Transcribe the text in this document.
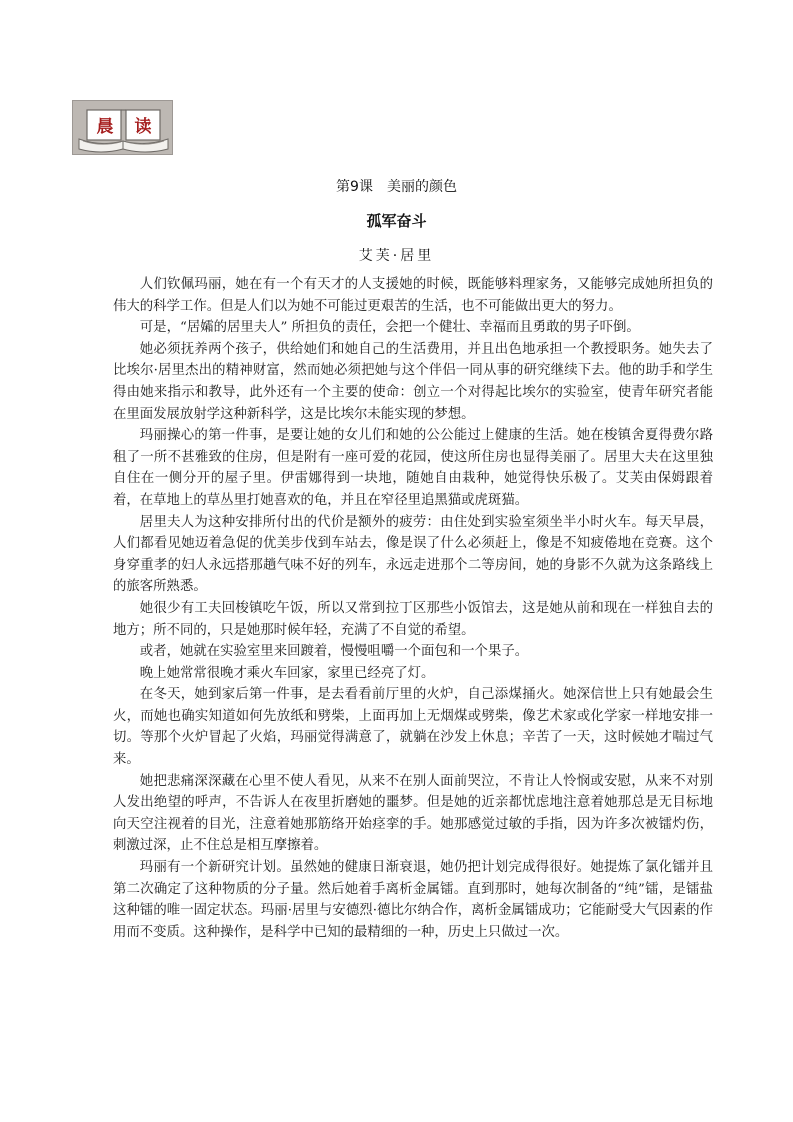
晨	读
第9课　美丽的颜色
孤军奋斗
艾芙·居里

人们钦佩玛丽，她在有一个有天才的人支援她的时候，既能够料理家务，又能够完成她所担负的伟大的科学工作。但是人们以为她不可能过更艰苦的生活，也不可能做出更大的努力。

可是，“居孀的居里夫人” 所担负的责任，会把一个健壮、幸福而且勇敢的男子吓倒。

她必须抚养两个孩子，供给她们和她自己的生活费用，并且出色地承担一个教授职务。她失去了比埃尔·居里杰出的精神财富，然而她必须把她与这个伴侣一同从事的研究继续下去。他的助手和学生得由她来指示和教导，此外还有一个主要的使命：创立一个对得起比埃尔的实验室，使青年研究者能在里面发展放射学这种新科学，这是比埃尔未能实现的梦想。

玛丽操心的第一件事，是要让她的女儿们和她的公公能过上健康的生活。她在梭镇舍夏得费尔路租了一所不甚雅致的住房，但是附有一座可爱的花园，使这所住房也显得美丽了。居里大夫在这里独自住在一侧分开的屋子里。伊雷娜得到一块地，随她自由栽种，她觉得快乐极了。艾芙由保姆跟着着，在草地上的草丛里打她喜欢的龟，并且在窄径里追黑猫或虎斑猫。

居里夫人为这种安排所付出的代价是额外的疲劳：由住处到实验室须坐半小时火车。每天早晨，人们都看见她迈着急促的优美步伐到车站去，像是误了什么必须赶上，像是不知疲倦地在竞赛。这个身穿重孝的妇人永远搭那趟气味不好的列车，永远走进那个二等房间，她的身影不久就为这条路线上的旅客所熟悉。

她很少有工夫回梭镇吃午饭，所以又常到拉丁区那些小饭馆去，这是她从前和现在一样独自去的地方；所不同的，只是她那时候年轻，充满了不自觉的希望。

或者，她就在实验室里来回踱着，慢慢咀嚼一个面包和一个果子。

晚上她常常很晚才乘火车回家，家里已经亮了灯。

在冬天，她到家后第一件事，是去看看前厅里的火炉，自己添煤捅火。她深信世上只有她最会生火，而她也确实知道如何先放纸和劈柴，上面再加上无烟煤或劈柴，像艺术家或化学家一样地安排一切。等那个火炉冒起了火焰，玛丽觉得满意了，就躺在沙发上休息；辛苦了一天，这时候她才喘过气来。

她把悲痛深深藏在心里不使人看见，从来不在别人面前哭泣，不肯让人怜悯或安慰，从来不对别人发出绝望的呼声，不告诉人在夜里折磨她的噩梦。但是她的近亲都忧虑地注意着她那总是无目标地向天空注视着的目光，注意着她那筋络开始痉挛的手。她那感觉过敏的手指，因为许多次被镭灼伤，刺激过深，止不住总是相互摩擦着。

玛丽有一个新研究计划。虽然她的健康日渐衰退，她仍把计划完成得很好。她提炼了氯化镭并且第二次确定了这种物质的分子量。然后她着手离析金属镭。直到那时，她每次制备的“纯”镭，是镭盐这种镭的唯一固定状态。玛丽·居里与安德烈·德比尔纳合作，离析金属镭成功；它能耐受大气因素的作用而不变质。这种操作，是科学中已知的最精细的一种，历史上只做过一次。
